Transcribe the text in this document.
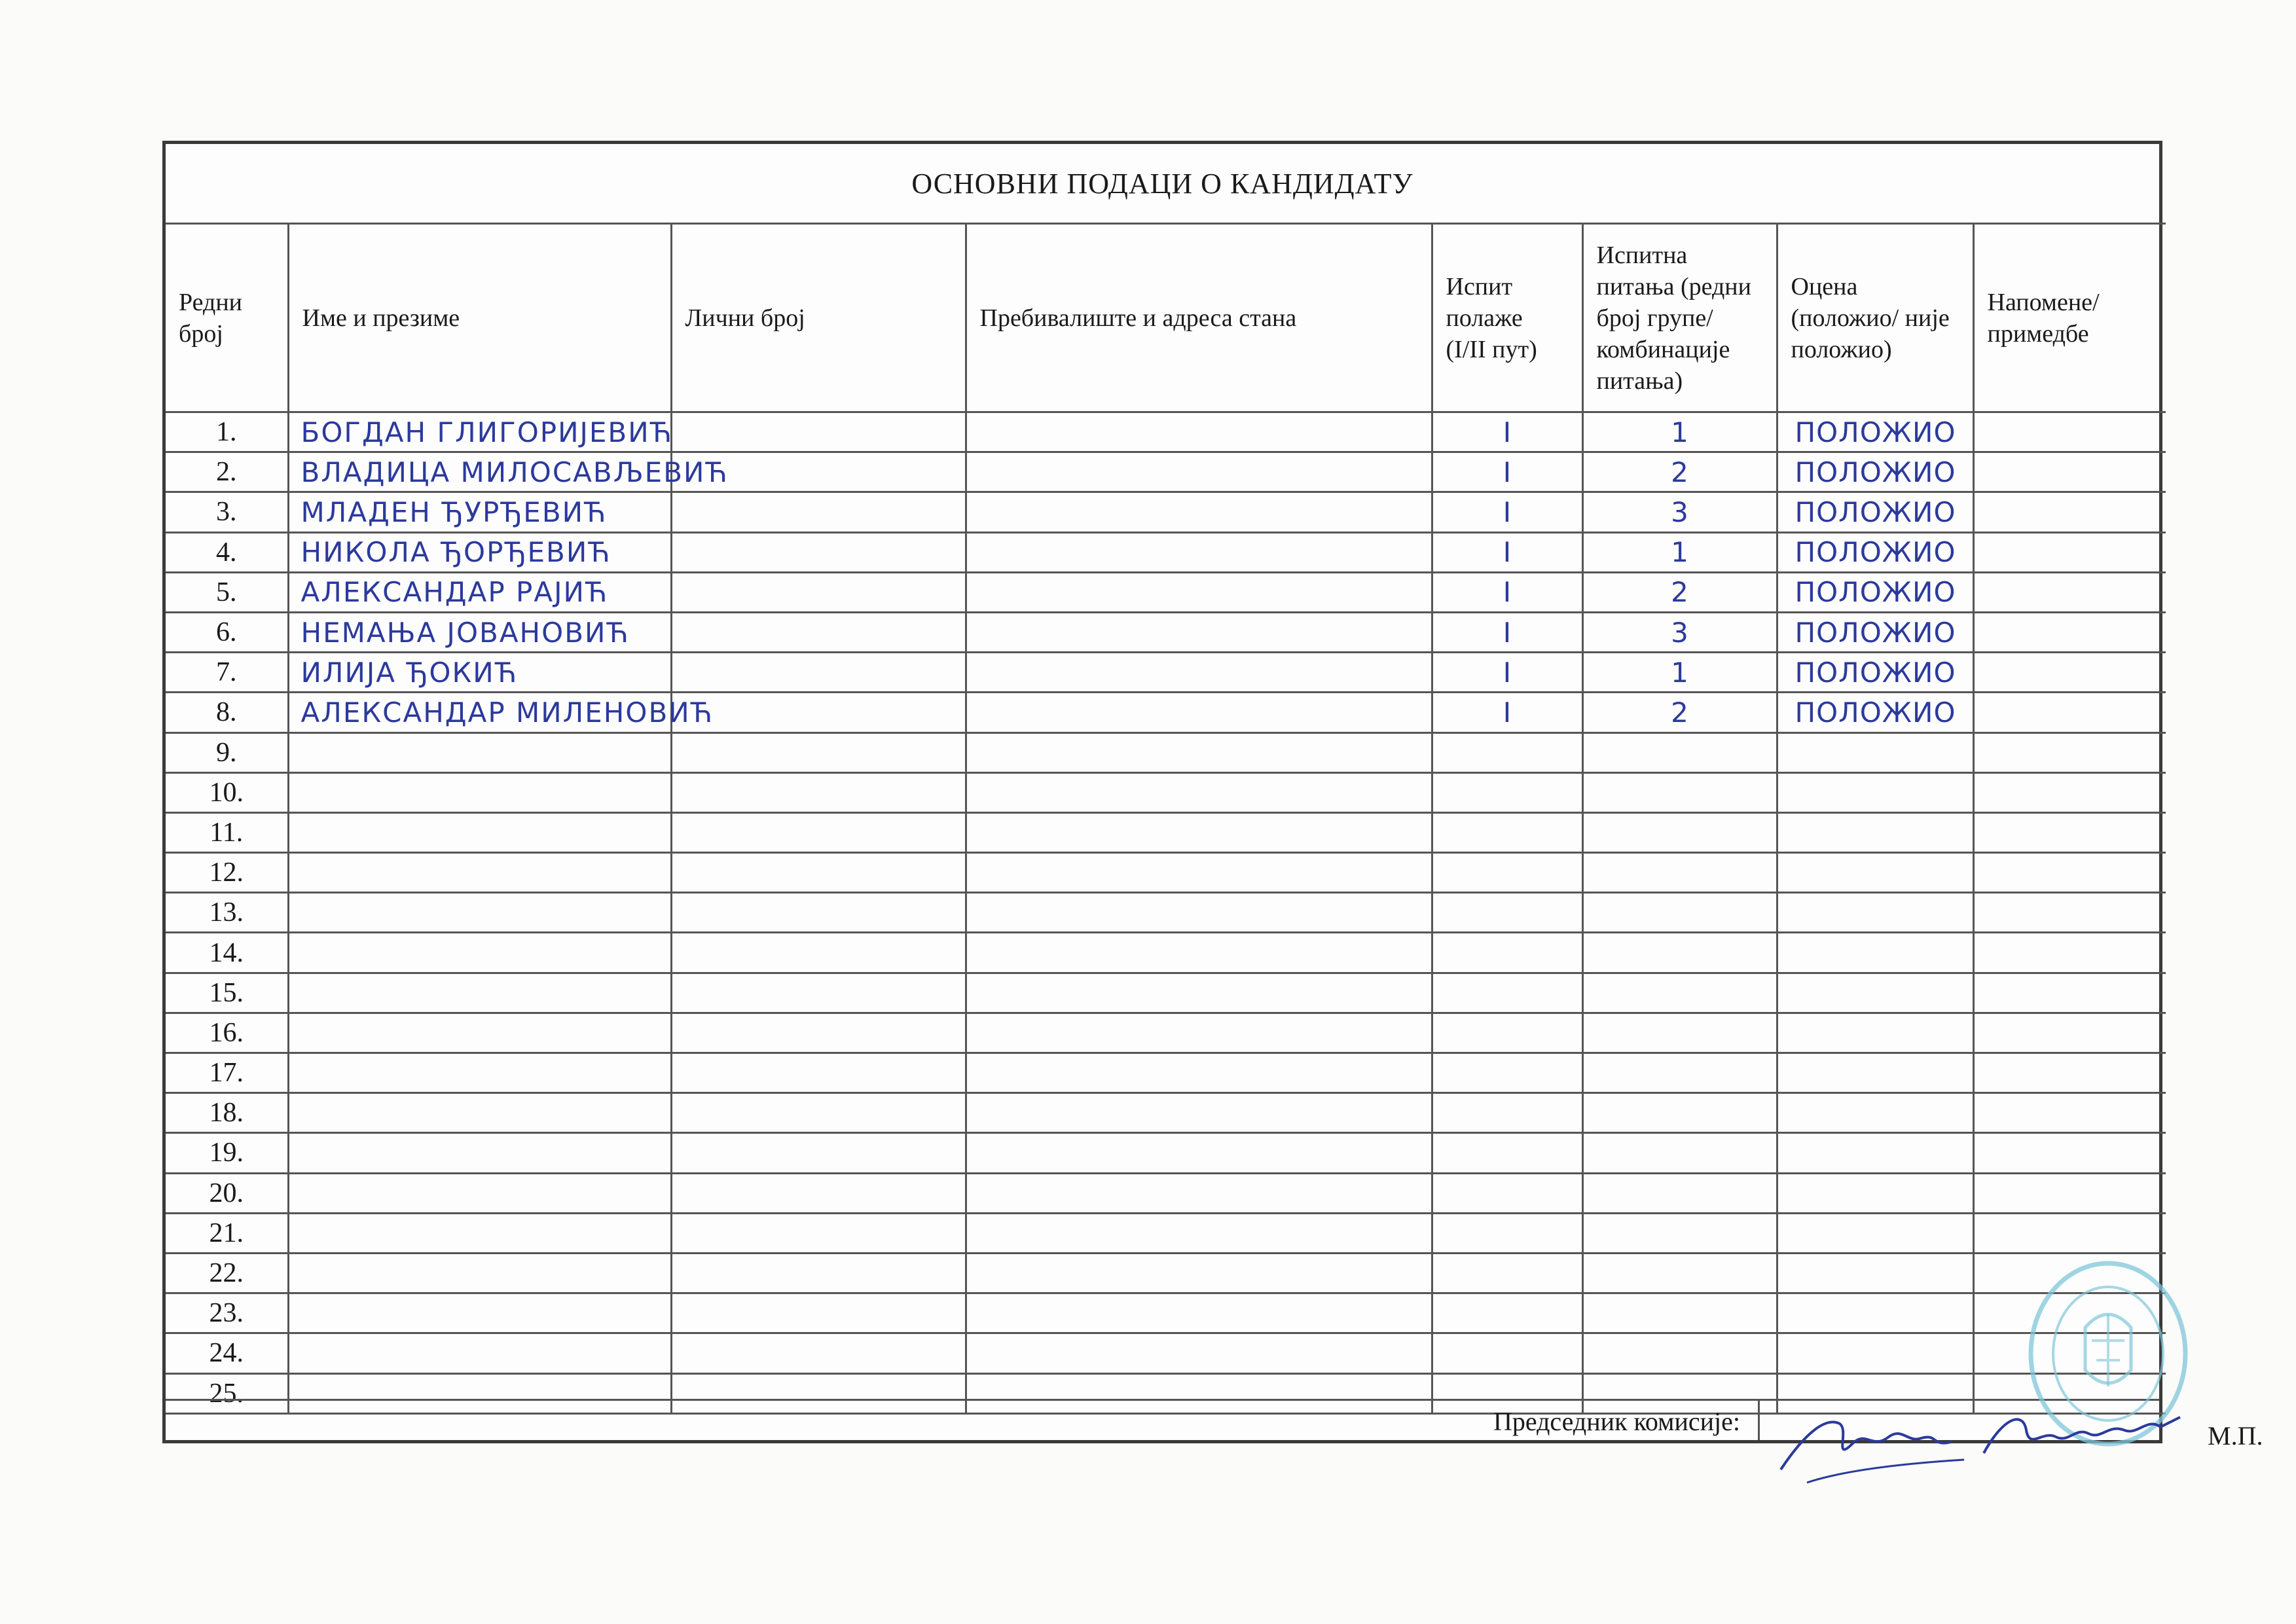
ОСНОВНИ ПОДАЦИ О КАНДИДАТУ
Редни број	Име и презиме	Лични број	Пребивалиште и адреса стана	Испит полаже (I/II пут)	Испитна питања (редни број групе/ комбинације питања)	Оцена (положио/ није положио)	Напомене/ примедбе
1.	БОГДАН ГЛИГОРИЈЕВИЋ			I	1	ПОЛОЖИО	
2.	ВЛАДИЦА МИЛОСАВЉЕВИЋ			I	2	ПОЛОЖИО	
3.	МЛАДЕН ЂУРЂЕВИЋ			I	3	ПОЛОЖИО	
4.	НИКОЛА ЂОРЂЕВИЋ			I	1	ПОЛОЖИО	
5.	АЛЕКСАНДАР РАЈИЋ			I	2	ПОЛОЖИО	
6.	НЕМАЊА ЈОВАНОВИЋ			I	3	ПОЛОЖИО	
7.	ИЛИЈА ЂОКИЋ			I	1	ПОЛОЖИО	
8.	АЛЕКСАНДАР МИЛЕНОВИЋ			I	2	ПОЛОЖИО	
9.							
10.							
11.							
12.							
13.							
14.							
15.							
16.							
17.							
18.							
19.							
20.							
21.							
22.							
23.							
24.							
25.							
Председник комисије:	М.П.
